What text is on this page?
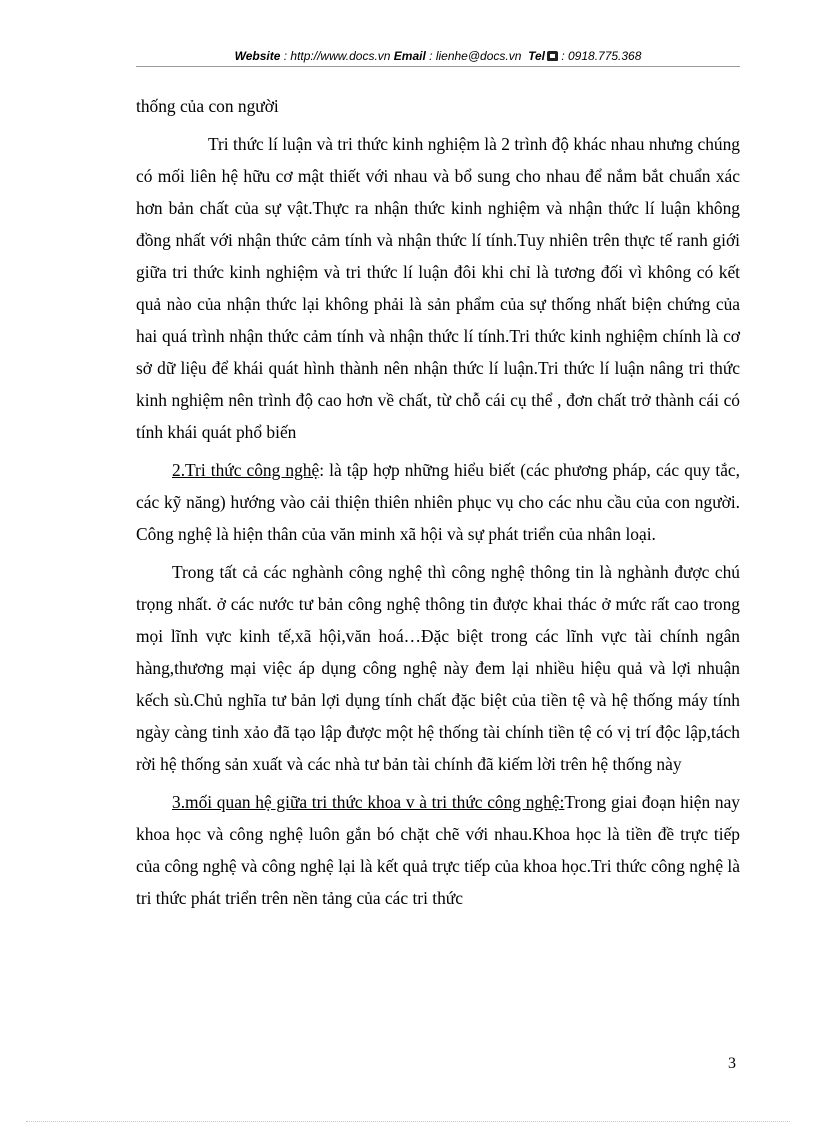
Website : http://www.docs.vn Email : lienhe@docs.vn Tel : 0918.775.368

thống của con người

Tri thức lí luận và tri thức kinh nghiệm là 2 trình độ khác nhau nhưng chúng có mối liên hệ hữu cơ mật thiết với nhau và bổ sung cho nhau để nắm bắt chuẩn xác hơn bản chất của sự vật.Thực ra nhận thức kinh nghiệm và nhận thức lí luận không đồng nhất với nhận thức cảm tính và nhận thức lí tính.Tuy nhiên trên thực tế ranh giới giữa tri thức kinh nghiệm và tri thức lí luận đôi khi chỉ là tương đối vì không có kết quả nào của nhận thức lại không phải là sản phẩm của sự thống nhất biện chứng của hai quá trình nhận thức cảm tính và nhận thức lí tính.Tri thức kinh nghiệm chính là cơ sở dữ liệu để khái quát hình thành nên nhận thức lí luận.Tri thức lí luận nâng tri thức kinh nghiệm nên trình độ cao hơn về chất, từ chỗ cái cụ thể , đơn chất trở thành cái có tính khái quát phổ biến

2.Tri thức công nghệ: là tập hợp những hiểu biết (các phương pháp, các quy tắc, các kỹ năng) hướng vào cải thiện thiên nhiên phục vụ cho các nhu cầu của con người. Công nghệ là hiện thân của văn minh xã hội và sự phát triển của nhân loại.

Trong tất cả các nghành công nghệ thì công nghệ thông tin là nghành được chú trọng nhất. ở các nước tư bản công nghệ thông tin được khai thác ở mức rất cao trong mọi lĩnh vực kinh tế,xã hội,văn hoá…Đặc biệt trong các lĩnh vực tài chính ngân hàng,thương mại việc áp dụng công nghệ này đem lại nhiều hiệu quả và lợi nhuận kếch sù.Chủ nghĩa tư bản lợi dụng tính chất đặc biệt của tiền tệ và hệ thống máy tính ngày càng tinh xảo đã tạo lập được một hệ thống tài chính tiền tệ có vị trí độc lập,tách rời hệ thống sản xuất và các nhà tư bản tài chính đã kiếm lời trên hệ thống này

3.mối quan hệ giữa tri thức khoa v à tri thức công nghệ:Trong giai đoạn hiện nay khoa học và công nghệ luôn gắn bó chặt chẽ với nhau.Khoa học là tiền đề trực tiếp của công nghệ và công nghệ lại là kết quả trực tiếp của khoa học.Tri thức công nghệ là tri thức phát triển trên nền tảng của các tri thức

3
